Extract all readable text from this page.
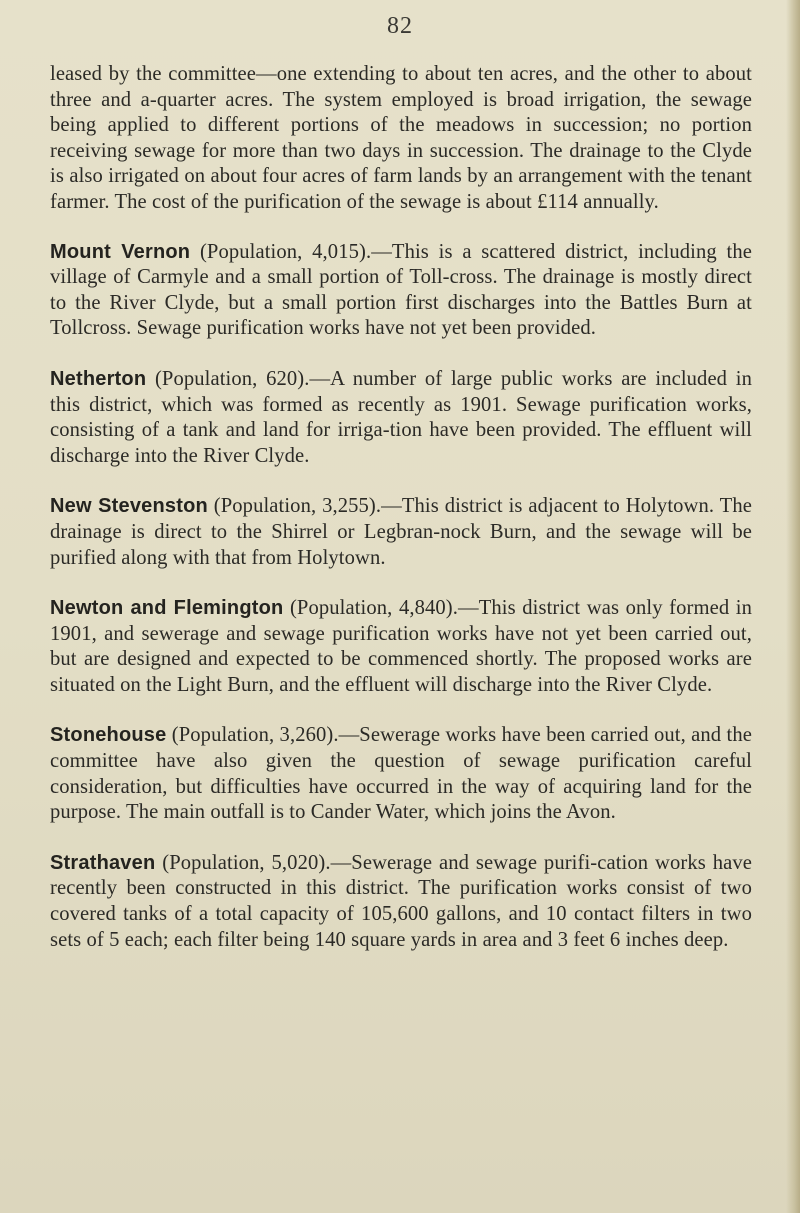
82

leased by the committee—one extending to about ten acres, and the other to about three and a-quarter acres. The system employed is broad irrigation, the sewage being applied to different portions of the meadows in succession; no portion receiving sewage for more than two days in succession. The drainage to the Clyde is also irrigated on about four acres of farm lands by an arrangement with the tenant farmer. The cost of the purification of the sewage is about £114 annually.

Mount Vernon (Population, 4,015).—This is a scattered district, including the village of Carmyle and a small portion of Toll-cross. The drainage is mostly direct to the River Clyde, but a small portion first discharges into the Battles Burn at Tollcross. Sewage purification works have not yet been provided.

Netherton (Population, 620).—A number of large public works are included in this district, which was formed as recently as 1901. Sewage purification works, consisting of a tank and land for irriga-tion have been provided. The effluent will discharge into the River Clyde.

New Stevenston (Population, 3,255).—This district is adjacent to Holytown. The drainage is direct to the Shirrel or Legbran-nock Burn, and the sewage will be purified along with that from Holytown.

Newton and Flemington (Population, 4,840).—This district was only formed in 1901, and sewerage and sewage purification works have not yet been carried out, but are designed and expected to be commenced shortly. The proposed works are situated on the Light Burn, and the effluent will discharge into the River Clyde.

Stonehouse (Population, 3,260).—Sewerage works have been carried out, and the committee have also given the question of sewage purification careful consideration, but difficulties have occurred in the way of acquiring land for the purpose. The main outfall is to Cander Water, which joins the Avon.

Strathaven (Population, 5,020).—Sewerage and sewage purifi-cation works have recently been constructed in this district. The purification works consist of two covered tanks of a total capacity of 105,600 gallons, and 10 contact filters in two sets of 5 each; each filter being 140 square yards in area and 3 feet 6 inches deep.
